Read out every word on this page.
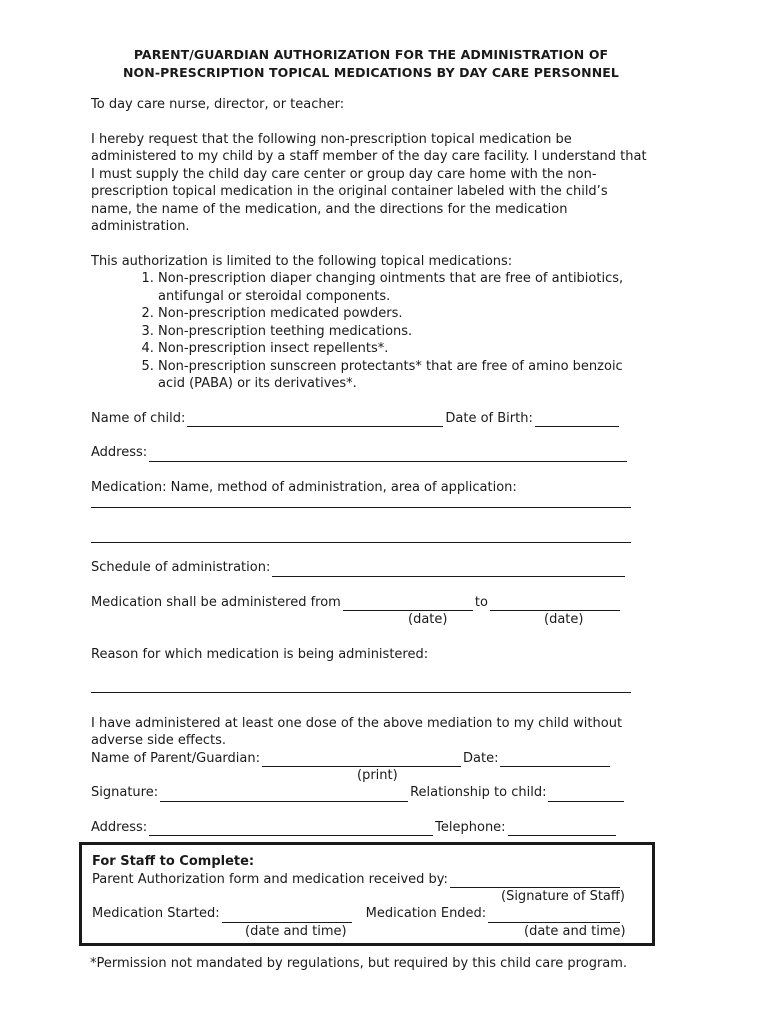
PARENT/GUARDIAN AUTHORIZATION FOR THE ADMINISTRATION OF
NON-PRESCRIPTION TOPICAL MEDICATIONS BY DAY CARE PERSONNEL

To day care nurse, director, or teacher:

I hereby request that the following non-prescription topical medication be administered to my child by a staff member of the day care facility. I understand that I must supply the child day care center or group day care home with the non-prescription topical medication in the original container labeled with the child’s name, the name of the medication, and the directions for the medication administration.

This authorization is limited to the following topical medications:

1. Non-prescription diaper changing ointments that are free of antibiotics, antifungal or steroidal components.
2. Non-prescription medicated powders.
3. Non-prescription teething medications.
4. Non-prescription insect repellents*.
5. Non-prescription sunscreen protectants* that are free of amino benzoic acid (PABA) or its derivatives*.
Name of child:	Date of Birth:
Address:

Medication: Name, method of administration, area of application:

Schedule of administration:
Medication shall be administered from	to
(date)	(date)

Reason for which medication is being administered:

I have administered at least one dose of the above mediation to my child without adverse side effects.

Name of Parent/Guardian:	Date:
(print)
Signature:	Relationship to child:
Address:	Telephone:
For Staff to Complete:
Parent Authorization form and medication received by:
(Signature of Staff)
Medication Started:	Medication Ended:
(date and time)	(date and time)
*Permission not mandated by regulations, but required by this child care program.
